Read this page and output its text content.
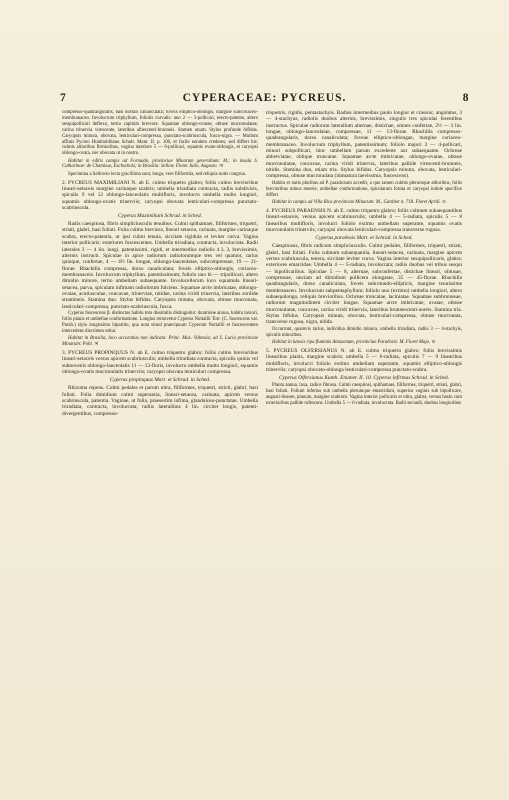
7	CYPERACEAE: PYCREUS.	8

compresso-quadrangularis, basi dorsali canaliculata; foveis elliptico-oblongis, margine subcoriaceo-membranaceo. Involucrum triphyllum, foliolis curvatis: uno 2 — 3-pollicari, erecto-patente, altero sesquipollicari deflexo, tertio capitulo breviore. Squamae oblongo-ovatae, obtuse mucronulatae, carina trinervia virescente, lateribus albescenti-brunneis. Stamen unum. Stylus profunde bifidus. Caryopsis minuta, obovata, lenticulari-compressa, punctato-scabriuscula, fusco-nigra. — Multum affinis Pycreo Humboldtiano Schult. Mant. II. p. 100, et facile eundem crederes; sed differt his: culmis altioribus firmioribus, vagina interiore 5 — 6-pollicari, squamis ovato-oblongis, et caryopsi oblongo-ovata, nec obovata ut in nostro.

Habitat in editis campis ad Formado, provinciae Minarum generalium: M.; in insula S. Catharinae: de Chamisso, Eschscholz; in Brasilia: Sellow. Floret Julio, Augusto. ♃

Specimina a Sellowio lecta gracillima sunt, longa, vere filiformia, sed reliquis notis congrua.

2. PYCREUS MAXIMILIANI N. ab E. culmo triquetro glabro; foliis culmo brevioribus lineari-setaceis margine carinaque scabris; umbella triradiata contracta, radiis subdivisis, spiculis 9 vel 12 oblongo-lanceolatis multifloris, involucro umbella multo longiori, squamis oblongo-ovatis trinerviis; caryopsi obovata lenticulari-compressa punctato-scabriuscula.

Cyperus Maximiliani Schrad. in Sched.

Radix caespitosa, fibris simpliciusculis tenuibus. Culmi spithamaei, filiformes, triquetri, striati, glabri, basi foliati. Folia culmo breviora, linearl setacea, carinata, margine carinaque scabra, erecto-patentia, ut ipsi culmi tenuia, siccitate rigidula et leviter curva. Vagina interior pollicaris: exteriores fuscescentes. Umbella triradiata, contracta, involucrata. Radii laterales 3 — 4 lin. longi, patentissimi, rigidi, et intermedius radiolis 4 L 3, brevissimis, alternis instructi. Spiculae in apice radiorum radiolorumque tres vel quatuor, rarius quinque, confertae, 4 — 4½ lin. longae, oblongo-lanceolatae, subcompressae, 19 — 21-florae. Rhachilla compressa, dorso canaliculata; foveis elliptico-oblongis, coriaceo-membranaceis. Involucrum triphyllum, patentissimum; foliolo uno bi — tripollicari, altero dimidio minore, tertio umbellam subaequante. Involucellorum loco squamula lineari-setacea, parva, spiculam infimam radiolorum fulciens. Squamae arcte imbricatae, oblongo-ovatae, acutiusculae, concavae, trinerviae, nitidae, carina viridi trinervia, lateribus sordide stramineis. Stamina duo. Stylus bifidus. Caryopsis minuta, obovata, obtuse mucronata, lenticulari-compressa, punctato-scabriuscula, fusca.

Cyperus fuscescens β. distinctus habitu toto dissimilis distinguitur: duratione annua, habitu laxiori, foliis planis et umbellae conformatione. Longius removetur Cyperus Nuttallii Torr. (C. fuscescens var. Pursh.) stylo longissimo bipartito, qua nota simul praecipuum Cyperum Nuttallii et fuscescentem intercedens discrimen utitur.

Habitat in Brasilia, loco accuratius non indicato: Princ. Max. Vidensis; ad S. Lucia provinciae Minarum: Pohl. ♃

3. PYCREUS PROPINQUUS N. ab E. culmo triquetro glabro; foliis culmo brevioribus lineari-setaceis versus apicem scabriusculis; umbella triradiata contracta, spiculis quinis vel subnovenis oblongo-lanceolatis 11 — 13-floris, involucro umbella multo longiori, squamis oblongo-ovatis mucronulatis trinerviis; caryopsi obovata lenticulari compressa.

Cyperus propinquus Mart. et Schrad. in Sched.

Rhizoma repens. Culmi pedales et parum ultra, filiformes, triquetri, stricti, glabri, basi foliati. Folia dimidium culmi superantia, lineari-setacea, carinata, apicem versus scabriuscula, patentia. Vaginae, ut folia, praesertim infima, glanduloso-punctatae. Umbella triradiata, contracta, involucrata; radiis lateralibus 4 lin. circiter longis, patenti-divergentibus, compresso-

triquetris, rigidis, pentastachyis. Radius intermedius paulo longior et crassior, angulatus, 3 — 4-stachyus, radiolis duobus alternis, brevissimis, singulis tres spiculas ferentibus instructus. Spiculae radiorum lateralium alternae, distichae, omnes confertae, 2½ — 3 lin. longae, oblongo-lanceolatae, compressae, 11 — 13-florae. Rhachilla compresso-quadrangularis, dorso canaliculata; foveae elliptico-oblongae, margine coriaceo-membranaceo. Involucrum triphyllum, patentissimum; foliolo majori 3 — 4-pollicari, minori subpollicari, hinc umbellam parum excedente aut subaequante. Ochreae abbreviatae, oblique truncatae. Squamae arcte imbricatae, oblongo-ovatae, obtuse mucronulatae, concavae, carina viridi trinervia, lateribus pallide virescenti-brunneis, nitidis. Stamina duo, etiam tria. Stylus bifidus. Caryopsis minuta, obovata, lenticulari-compressa, obtuse mucronulata (immatura laevissima, fuscescens).

Habitu et notis pluribus ad P. paradoxum accedit, a quo tamen culmis plerumque altioribus, foliis brevioribus minus tenerie, umbellae conformatione, spicularum forma et caryopsi indole specifice differt.

Habitat in campis ad Villa Rica provinciae Minarum: M., Gardner n. 718. Floret Aprili. ⊙

4. PYCREUS PARAENSIS N. ab E. culmo triquetro glabro; foliis culmum subaequantibus lineari-setaceis, versus apicem scabriusculis; umbella 4 — 5-radiata, spiculis 5 — 8 linearibus multifloris, involucri foliolo extimo umbellam superante, squamis ovatis mucronulatis trinerviis; caryopsi obovata lenticulari-compressa transverse rugosa.

Cyperus paraënsis Mart. et Schrad. in Sched.

Caespitosus, fibris radicum simpliciusculis. Culmi pedales, filiformes, triquetri, striati, glabri, basi foliati. Folia culmum subaequantia, lineari-setacea, carinata, margine apicem versus scabriuscula, tenera, siccitate leviter curva. Vagina interior sesquipollicaris, glabra; exteriores emarcidae. Umbella 4 — 5-radiata, involucrata; radiis duobus vel tribus sesqui — bipollicaribus. Spiculae 5 — 8, alternae, subconfertae, distichae lineari, obtusae, compressae, unciam ad dimidium pollicem elongatae, 35 — 45-florae. Rhachilla quadrangularis, dorso canaliculata, foveis subrotundo-ellipticis, margine tenuissime membranaceo. Involucrum subpentaphyllum; foliolo uno (extimo) umbella longiori, altero subaequilongo, reliquis brevioribus. Ochreae truncatae, laciniatae. Squamae subbrunneae, radiorum magnitudinem circiter longae. Squamae arcte imbricatae, ovatae, obtuse mucronulatae, concavae, carina viridi trinervia, lateribus brunnescenti-aureis. Stamina tria. Stylus bifidus. Caryopsis minuta, obovata, lenticulari-compressa, obtuse mucronata, transverse rugosa, nigra, nitida.

Occurrunt, quamvis rarius, individua dimidio minora, umbella triradiata, radiis 3 — 4-stachyis, spiculis minoribus.

Habitat in lutosis ripa fluminis Amazonum, provinciae Paraënsis: M. Floret Majo. ⊙

5. PYCREUS OLFERSIANUS N. ab E. culmo triquetro glabro; foliis brevissimis linearibus planis, margine scabris; umbella 5 — 6-radiata, spiculis 7 — 9 linearibus multifloris, involucri foliolo extimo umbellam superante, squamis elliptico-oblongis trinerviis; caryopsi obovato-oblonga lenticulari-compressa punctato-scabra.

Cyperus Olfersianus Kunth. Enumer. II. 10. Cyperus infirmus Schrad. in Sched.

Planta annua, laxa, radice fibrosa. Culmi caespitosi, spithamaei, filiformes, triquetri, striati, glabri, basi foliati. Folium inferius sub umbella plerumque emarcidum, superius vaginis sub bipollicare, angusti-lineare, planum, margine scabrum. Vagina interior pollicaris et ultra, glabra, versus basin cum exterioribus pallide rufescens. Umbella 5 — 6-radiata, involucrata. Radii secundi, duobus longioribus
